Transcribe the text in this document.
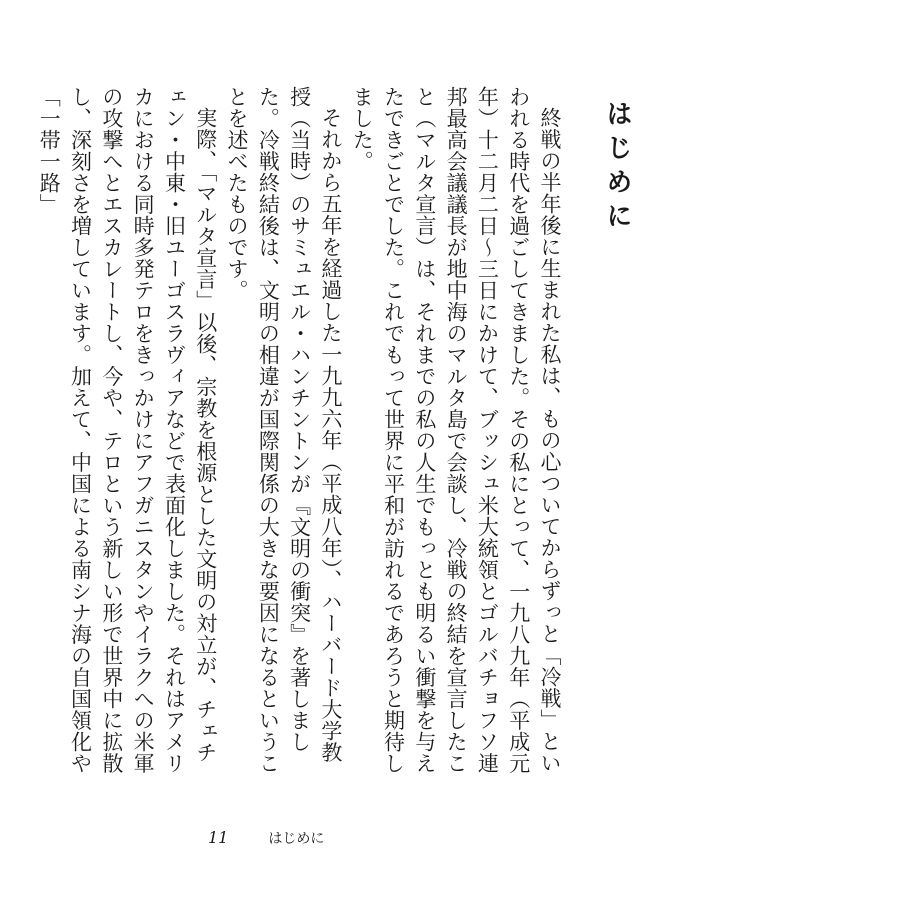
はじめに

終戦の半年後に生まれた私は、もの心ついてからずっと「冷戦」といわれる時代を過ごしてきました。その私にとって、一九八九年（平成元年）十二月二日〜三日にかけて、ブッシュ米大統領とゴルバチョフソ連邦最高会議議長が地中海のマルタ島で会談し、冷戦の終結を宣言したこと（マルタ宣言）は、それまでの私の人生でもっとも明るい衝撃を与えたできごとでした。これでもって世界に平和が訪れるであろうと期待しました。

それから五年を経過した一九九六年（平成八年）、ハーバード大学教授（当時）のサミュエル・ハンチントンが『文明の衝突』を著しました。冷戦終結後は、文明の相違が国際関係の大きな要因になるということを述べたものです。

実際、「マルタ宣言」以後、宗教を根源とした文明の対立が、チェチェン・中東・旧ユーゴスラヴィアなどで表面化しました。それはアメリカにおける同時多発テロをきっかけにアフガニスタンやイラクへの米軍の攻撃へとエスカレートし、今や、テロという新しい形で世界中に拡散し、深刻さを増しています。加えて、中国による南シナ海の自国領化や「一帯一路」

11	はじめに
